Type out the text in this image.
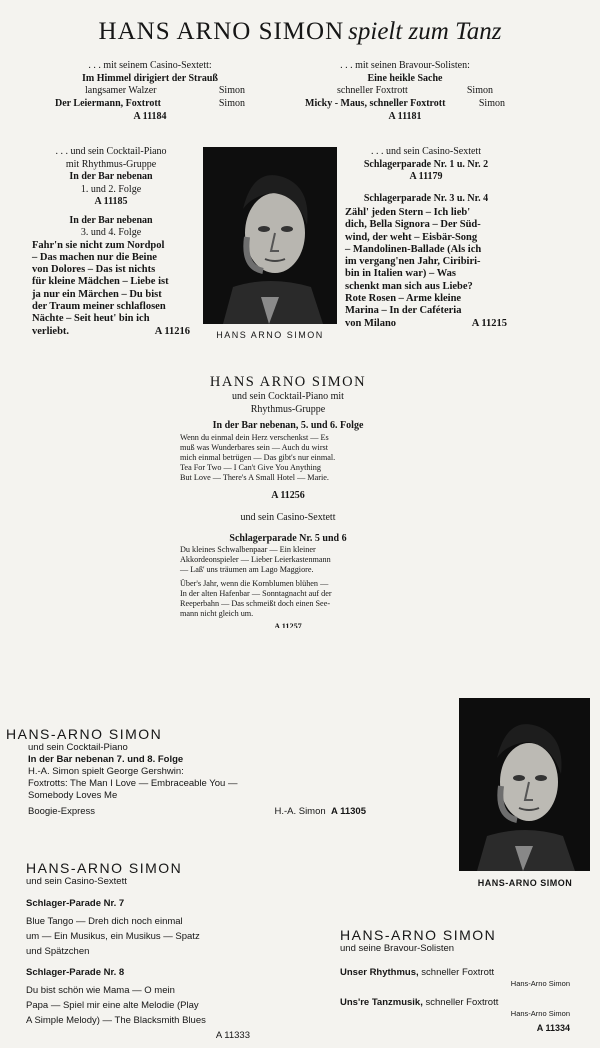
HANS ARNO SIMON spielt zum Tanz
. . . mit seinem Casino-Sextett:
Im Himmel dirigiert der Strauß
langsamer Walzer	Simon
Der Leiermann, Foxtrott	Simon
A 11184
. . . mit seinen Bravour-Solisten:
Eine heikle Sache
schneller Foxtrott	Simon
Micky - Maus, schneller Foxtrott	Simon
A 11181
. . . und sein Cocktail-Piano
mit Rhythmus-Gruppe
In der Bar nebenan
1. und 2. Folge
A 11185
In der Bar nebenan
3. und 4. Folge
Fahr'n sie nicht zum Nordpol
– Das machen nur die Beine
von Dolores – Das ist nichts
für kleine Mädchen – Liebe ist
ja nur ein Märchen – Du bist
der Traum meiner schlaflosen
Nächte – Seit heut' bin ich
verliebt.	A 11216	HANS ARNO SIMON
. . . und sein Casino-Sextett
Schlagerparade Nr. 1 u. Nr. 2
A 11179
Schlagerparade Nr. 3 u. Nr. 4
Zähl' jeden Stern – Ich lieb'
dich, Bella Signora – Der Süd-
wind, der weht – Eisbär-Song
– Mandolinen-Ballade (Als ich
im vergang'nen Jahr, Ciribiri-
bin in Italien war) – Was
schenkt man sich aus Liebe?
Rote Rosen – Arme kleine
Marina – In der Caféteria
von Milano	A 11215
HANS ARNO SIMON
und sein Cocktail-Piano mit
Rhythmus-Gruppe
In der Bar nebenan, 5. und 6. Folge
Wenn du einmal dein Herz verschenkst — Es
muß was Wunderbares sein — Auch du wirst
mich einmal betrügen — Das gibt's nur einmal.
Tea For Two — I Can't Give You Anything
But Love — There's A Small Hotel — Marie.
A 11256
und sein Casino-Sextett
Schlagerparade Nr. 5 und 6
Du kleines Schwalbenpaar — Ein kleiner
Akkordeonspieler — Lieber Leierkastenmann
— Laß' uns träumen am Lago Maggiore.
Über's Jahr, wenn die Kornblumen blühen —
In der alten Hafenbar — Sonntagnacht auf der
Reeperbahn — Das schmeißt doch einen See-
mann nicht gleich um.
A 11257
HANS-ARNO SIMON
und sein Cocktail-Piano
In der Bar nebenan 7. und 8. Folge
H.-A. Simon spielt George Gershwin:
Foxtrotts: The Man I Love — Embraceable You —
Somebody Loves Me
Boogie-Express	H.-A. Simon A 11305
HANS-ARNO SIMON
HANS-ARNO SIMON
und sein Casino-Sextett
Schlager-Parade Nr. 7
Blue Tango — Dreh dich noch einmal
um — Ein Musikus, ein Musikus — Spatz
und Spätzchen
Schlager-Parade Nr. 8
Du bist schön wie Mama — O mein
Papa — Spiel mir eine alte Melodie (Play
A Simple Melody) — The Blacksmith Blues
A 11333
HANS-ARNO SIMON
und seine Bravour-Solisten
Unser Rhythmus, schneller Foxtrott
Hans-Arno Simon
Uns're Tanzmusik, schneller Foxtrott
Hans-Arno Simon
A 11334
